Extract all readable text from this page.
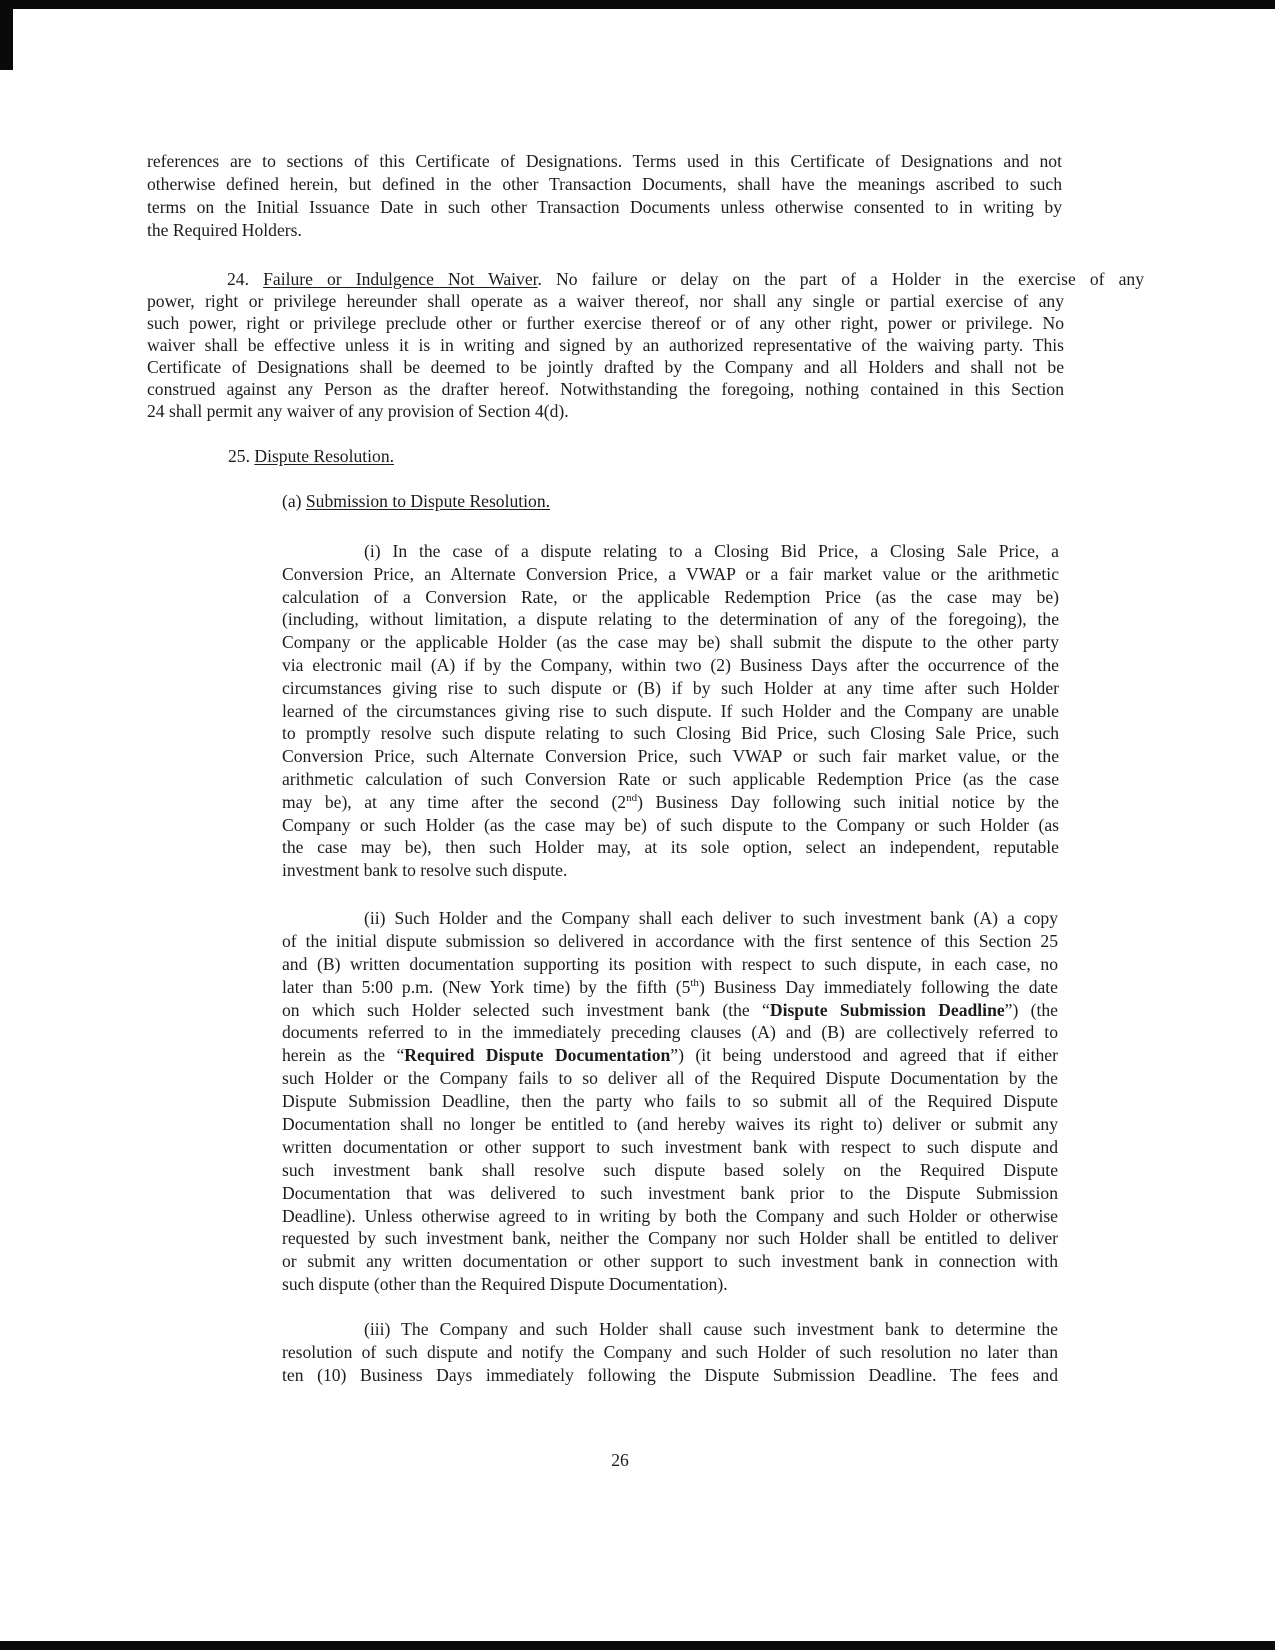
references are to sections of this Certificate of Designations. Terms used in this Certificate of Designations and not
otherwise defined herein, but defined in the other Transaction Documents, shall have the meanings ascribed to such
terms on the Initial Issuance Date in such other Transaction Documents unless otherwise consented to in writing by
the Required Holders.
24. Failure or Indulgence Not Waiver. No failure or delay on the part of a Holder in the exercise of any
power, right or privilege hereunder shall operate as a waiver thereof, nor shall any single or partial exercise of any
such power, right or privilege preclude other or further exercise thereof or of any other right, power or privilege. No
waiver shall be effective unless it is in writing and signed by an authorized representative of the waiving party. This
Certificate of Designations shall be deemed to be jointly drafted by the Company and all Holders and shall not be
construed against any Person as the drafter hereof. Notwithstanding the foregoing, nothing contained in this Section
24 shall permit any waiver of any provision of Section 4(d).
25. Dispute Resolution.
(a) Submission to Dispute Resolution.
(i) In the case of a dispute relating to a Closing Bid Price, a Closing Sale Price, a
Conversion Price, an Alternate Conversion Price, a VWAP or a fair market value or the arithmetic
calculation of a Conversion Rate, or the applicable Redemption Price (as the case may be)
(including, without limitation, a dispute relating to the determination of any of the foregoing), the
Company or the applicable Holder (as the case may be) shall submit the dispute to the other party
via electronic mail (A) if by the Company, within two (2) Business Days after the occurrence of the
circumstances giving rise to such dispute or (B) if by such Holder at any time after such Holder
learned of the circumstances giving rise to such dispute. If such Holder and the Company are unable
to promptly resolve such dispute relating to such Closing Bid Price, such Closing Sale Price, such
Conversion Price, such Alternate Conversion Price, such VWAP or such fair market value, or the
arithmetic calculation of such Conversion Rate or such applicable Redemption Price (as the case
may be), at any time after the second (2nd) Business Day following such initial notice by the
Company or such Holder (as the case may be) of such dispute to the Company or such Holder (as
the case may be), then such Holder may, at its sole option, select an independent, reputable
investment bank to resolve such dispute.
(ii) Such Holder and the Company shall each deliver to such investment bank (A) a copy
of the initial dispute submission so delivered in accordance with the first sentence of this Section 25
and (B) written documentation supporting its position with respect to such dispute, in each case, no
later than 5:00 p.m. (New York time) by the fifth (5th) Business Day immediately following the date
on which such Holder selected such investment bank (the “Dispute Submission Deadline”) (the
documents referred to in the immediately preceding clauses (A) and (B) are collectively referred to
herein as the “Required Dispute Documentation”) (it being understood and agreed that if either
such Holder or the Company fails to so deliver all of the Required Dispute Documentation by the
Dispute Submission Deadline, then the party who fails to so submit all of the Required Dispute
Documentation shall no longer be entitled to (and hereby waives its right to) deliver or submit any
written documentation or other support to such investment bank with respect to such dispute and
such investment bank shall resolve such dispute based solely on the Required Dispute
Documentation that was delivered to such investment bank prior to the Dispute Submission
Deadline). Unless otherwise agreed to in writing by both the Company and such Holder or otherwise
requested by such investment bank, neither the Company nor such Holder shall be entitled to deliver
or submit any written documentation or other support to such investment bank in connection with
such dispute (other than the Required Dispute Documentation).
(iii) The Company and such Holder shall cause such investment bank to determine the
resolution of such dispute and notify the Company and such Holder of such resolution no later than
ten (10) Business Days immediately following the Dispute Submission Deadline. The fees and
26
